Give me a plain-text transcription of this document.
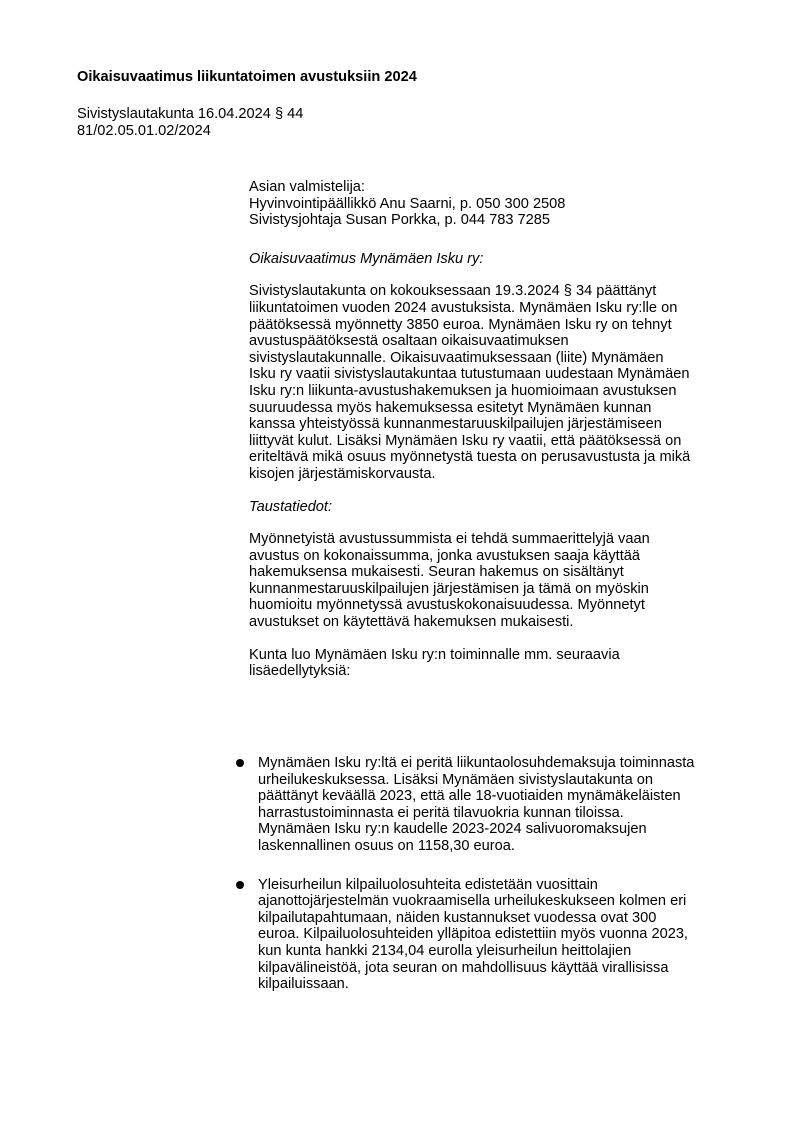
Oikaisuvaatimus liikuntatoimen avustuksiin 2024
Sivistyslautakunta 16.04.2024 § 44
81/02.05.01.02/2024
Asian valmistelija:
Hyvinvointipäällikkö Anu Saarni, p. 050 300 2508
Sivistysjohtaja Susan Porkka, p. 044 783 7285
Oikaisuvaatimus Mynämäen Isku ry:
Sivistyslautakunta on kokouksessaan 19.3.2024 § 34 päättänyt
liikuntatoimen vuoden 2024 avustuksista. Mynämäen Isku ry:lle on
päätöksessä myönnetty 3850 euroa. Mynämäen Isku ry on tehnyt
avustuspäätöksestä osaltaan oikaisuvaatimuksen
sivistyslautakunnalle. Oikaisuvaatimuksessaan (liite) Mynämäen
Isku ry vaatii sivistyslautakuntaa tutustumaan uudestaan Mynämäen
Isku ry:n liikunta-avustushakemuksen ja huomioimaan avustuksen
suuruudessa myös hakemuksessa esitetyt Mynämäen kunnan
kanssa yhteistyössä kunnanmestaruuskilpailujen järjestämiseen
liittyvät kulut. Lisäksi Mynämäen Isku ry vaatii, että päätöksessä on
eriteltävä mikä osuus myönnetystä tuesta on perusavustusta ja mikä
kisojen järjestämiskorvausta.
Taustatiedot:
Myönnetyistä avustussummista ei tehdä summaerittelyjä vaan
avustus on kokonaissumma, jonka avustuksen saaja käyttää
hakemuksensa mukaisesti. Seuran hakemus on sisältänyt
kunnanmestaruuskilpailujen järjestämisen ja tämä on myöskin
huomioitu myönnetyssä avustuskokonaisuudessa. Myönnetyt
avustukset on käytettävä hakemuksen mukaisesti.
Kunta luo Mynämäen Isku ry:n toiminnalle mm. seuraavia
lisäedellytyksiä:
Mynämäen Isku ry:ltä ei peritä liikuntaolosuhdemaksuja toiminnasta
urheilukeskuksessa. Lisäksi Mynämäen sivistyslautakunta on
päättänyt keväällä 2023, että alle 18-vuotiaiden mynämäkeläisten
harrastustoiminnasta ei peritä tilavuokria kunnan tiloissa.
Mynämäen Isku ry:n kaudelle 2023-2024 salivuoromaksujen
laskennallinen osuus on 1158,30 euroa.
Yleisurheilun kilpailuolosuhteita edistetään vuosittain
ajanottojärjestelmän vuokraamisella urheilukeskukseen kolmen eri
kilpailutapahtumaan, näiden kustannukset vuodessa ovat 300
euroa. Kilpailuolosuhteiden ylläpitoa edistettiin myös vuonna 2023,
kun kunta hankki 2134,04 eurolla yleisurheilun heittolajien
kilpavälineistöä, jota seuran on mahdollisuus käyttää virallisissa
kilpailuissaan.
